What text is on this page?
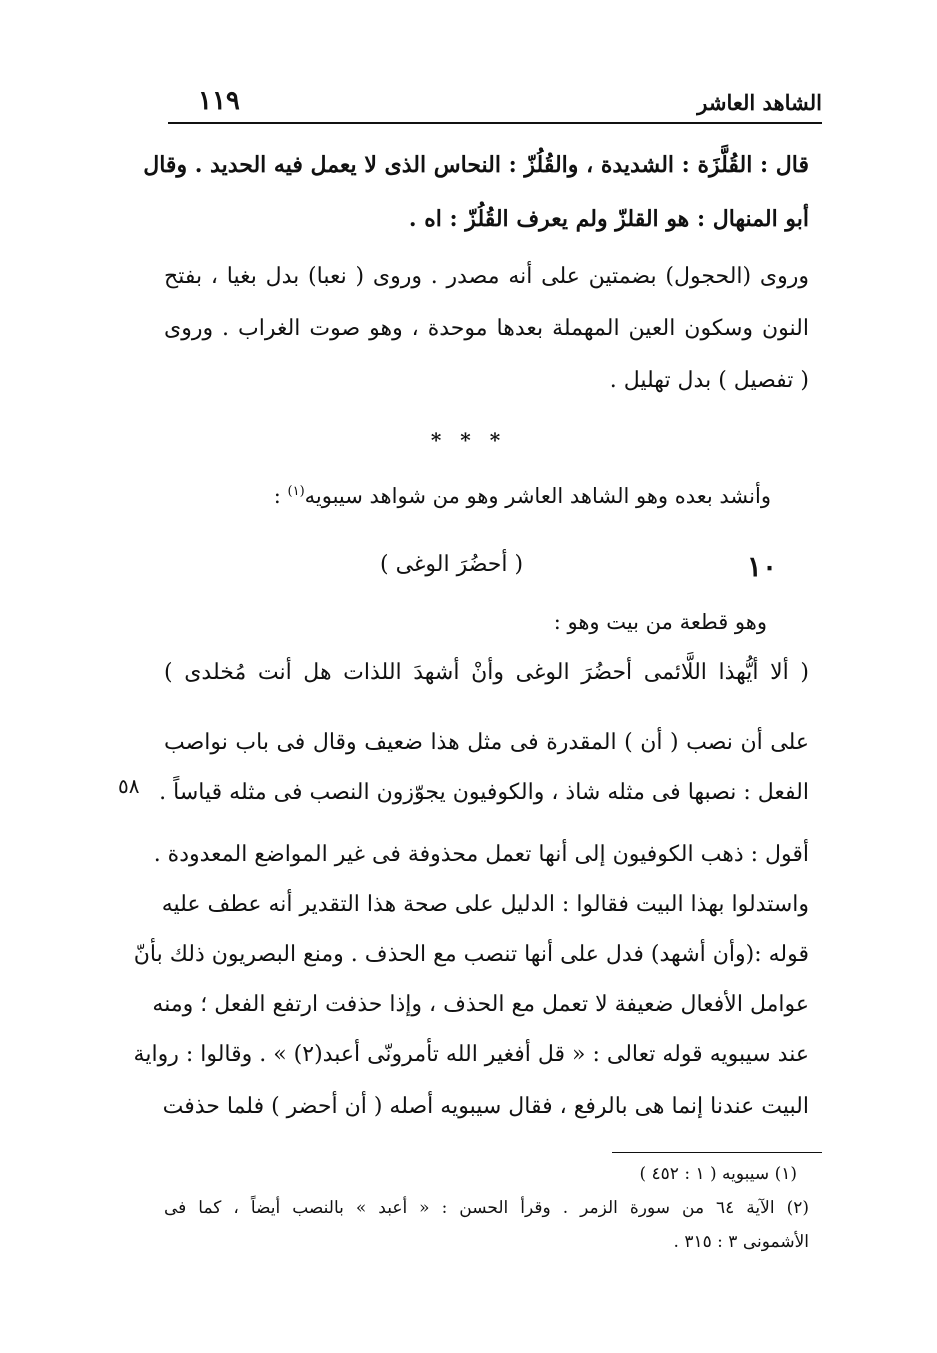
الشاهد العاشر
١١٩
قال : القُلَّزَة : الشديدة ، والقُلُزّ : النحاس الذى لا يعمل فيه الحديد . وقال
أبو المنهال : هو القلزّ ولم يعرف القُلُزّ : اه .
وروى (الحجول) بضمتين على أنه مصدر . وروى ( نعبا) بدل بغيا ، بفتح
النون وسكون العين المهملة بعدها موحدة ، وهو صوت الغراب . وروى
( تفصيل ) بدل تهليل .
* * *
وأنشد بعده وهو الشاهد العاشر وهو من شواهد سيبويه$^{(١)}$ :
١٠
( أحضُرَ الوغى )
وهو قطعة من بيت وهو :
( ألا أيُّهذا اللَّائمى أحضُرَ الوغى وأنْ أشهدَ اللذات هل أنت مُخلدى )
على أن نصب ( أن ) المقدرة فى مثل هذا ضعيف وقال فى باب نواصب
الفعل : نصبها فى مثله شاذ ، والكوفيون يجوّزون النصب فى مثله قياساً .
٥٨
أقول : ذهب الكوفيون إلى أنها تعمل محذوفة فى غير المواضع المعدودة .
واستدلوا بهذا البيت فقالوا : الدليل على صحة هذا التقدير أنه عطف عليه
قوله :(وأن أشهد) فدل على أنها تنصب مع الحذف . ومنع البصريون ذلك بأنّ
عوامل الأفعال ضعيفة لا تعمل مع الحذف ، وإذا حذفت ارتفع الفعل ؛ ومنه
عند سيبويه قوله تعالى : « قل أفغير الله تأمرونّى أعبد(٢) » . وقالوا : رواية
البيت عندنا إنما هى بالرفع ، فقال سيبويه أصله ( أن أحضر ) فلما حذفت
(١) سيبويه ( ١ : ٤٥٢ )
(٢) الآية ٦٤ من سورة الزمر . وقرأ الحسن : « أعبد » بالنصب أيضاً ، كما فى
الأشمونى ٣ : ٣١٥ .
